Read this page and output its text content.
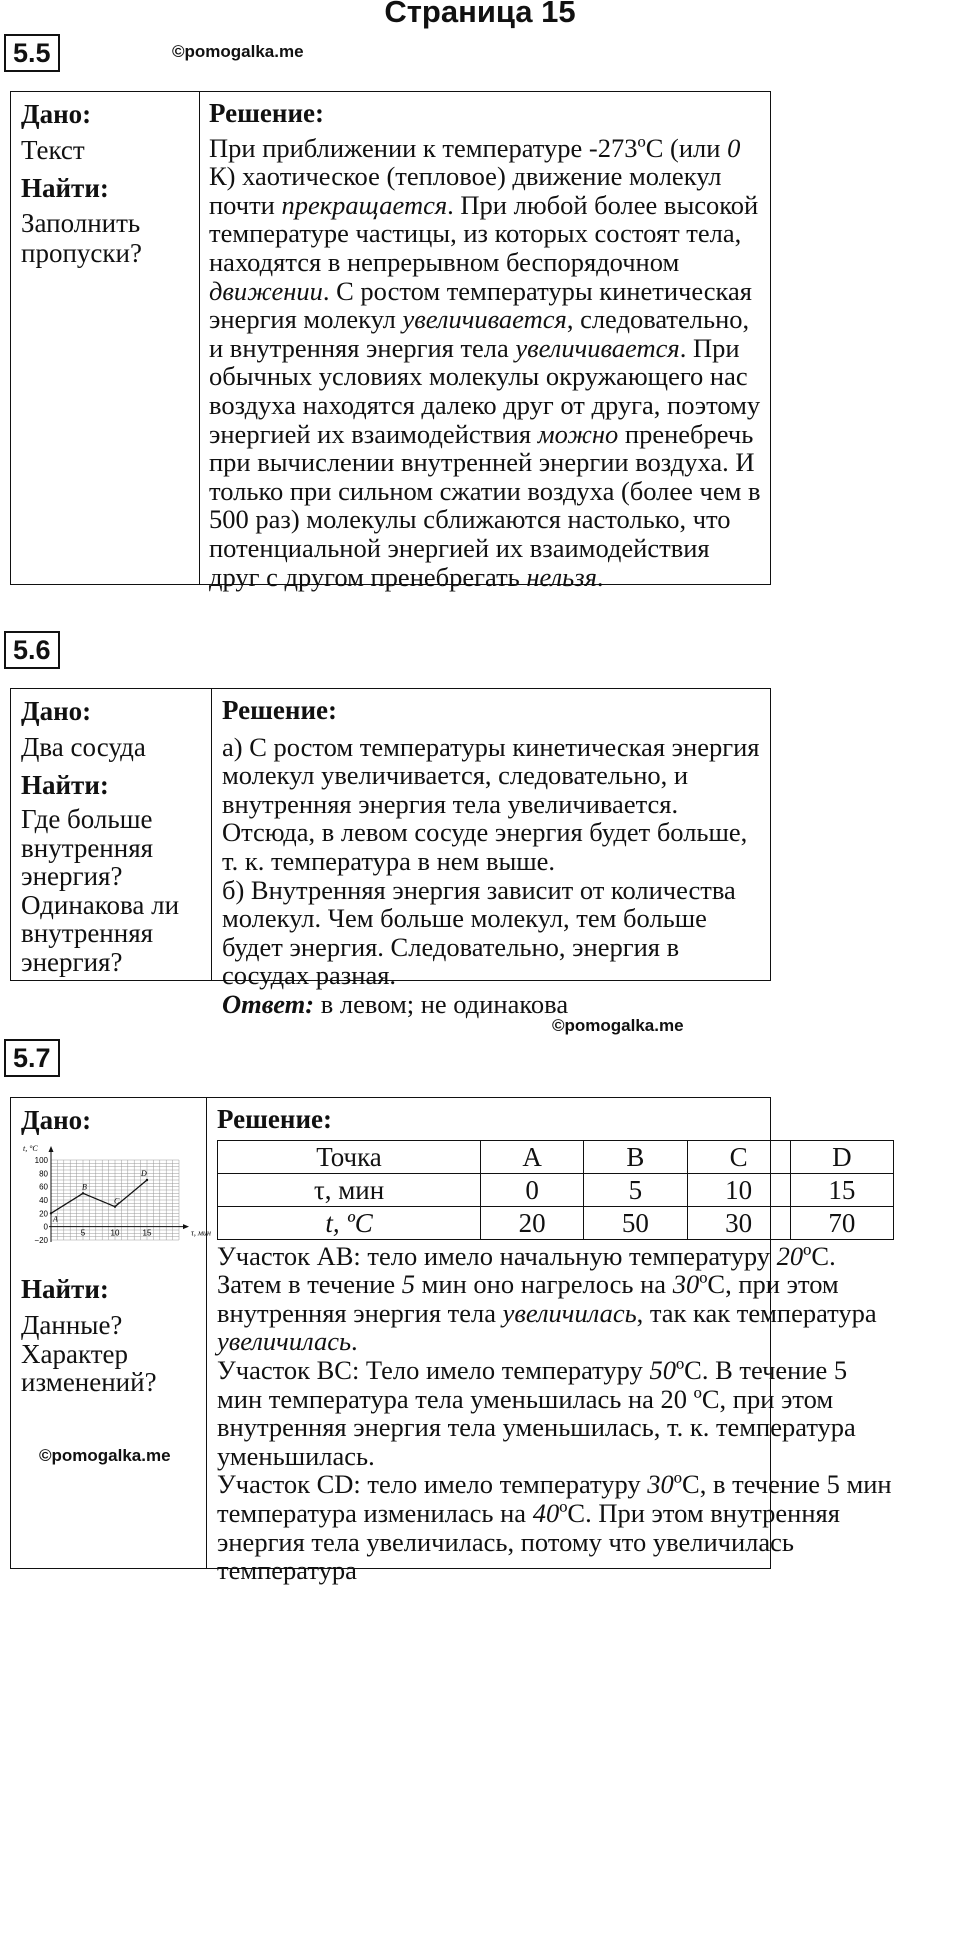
Страница 15
5.5	©pomogalka.me
Дано:
Текст
Найти:
Заполнить пропуски?
Решение:

При приближении к температуре -273ºC (или 0 К) хаотическое (тепловое) движение молекул почти прекращается. При любой более высокой температуре частицы, из которых состоят тела, находятся в непрерывном беспорядочном движении. С ростом температуры кинетическая энергия молекул увеличивается, следовательно, и внутренняя энергия тела увеличивается. При обычных условиях молекулы окружающего нас воздуха находятся далеко друг от друга, поэтому энергией их взаимодействия можно пренебречь при вычислении внутренней энергии воздуха. И только при сильном сжатии воздуха (более чем в 500 раз) молекулы сближаются настолько, что потенциальной энергией их взаимодействия друг с другом пренебрегать нельзя.

5.6
Дано:
Два сосуда
Найти:
Где больше внутренняя энергия?
Одинакова ли внутренняя энергия?
Решение:

а) С ростом температуры кинетическая энергия молекул увеличивается, следовательно, и внутренняя энергия тела увеличивается. Отсюда, в левом сосуде энергия будет больше, т. к. температура в нем выше.

б) Внутренняя энергия зависит от количества молекул. Чем больше молекул, тем больше будет энергия. Следовательно, энергия в сосудах разная.
Ответ: в левом; не одинакова

©pomogalka.me
5.7
Дано:
t, °C
τ, мин
100
80
60
40
20
0
−20
5	10	15
A
B
C
D
Найти:
Данные?
Характер изменений?
©pomogalka.me
Решение:
Точка	A	B	C	D
τ, мин	0	5	10	15
t, ºC	20	50	30	70

Участок AB: тело имело начальную температуру 20ºC. Затем в течение 5 мин оно нагрелось на 30ºC, при этом внутренняя энергия тела увеличилась, так как температура увеличилась.

Участок BC: Тело имело температуру 50ºC. В течение 5 мин температура тела уменьшилась на 20 ºC, при этом внутренняя энергия тела уменьшилась, т. к. температура уменьшилась.

Участок CD: тело имело температуру 30ºC, в течение 5 мин температура изменилась на 40ºC. При этом внутренняя энергия тела увеличилась, потому что увеличилась температура
